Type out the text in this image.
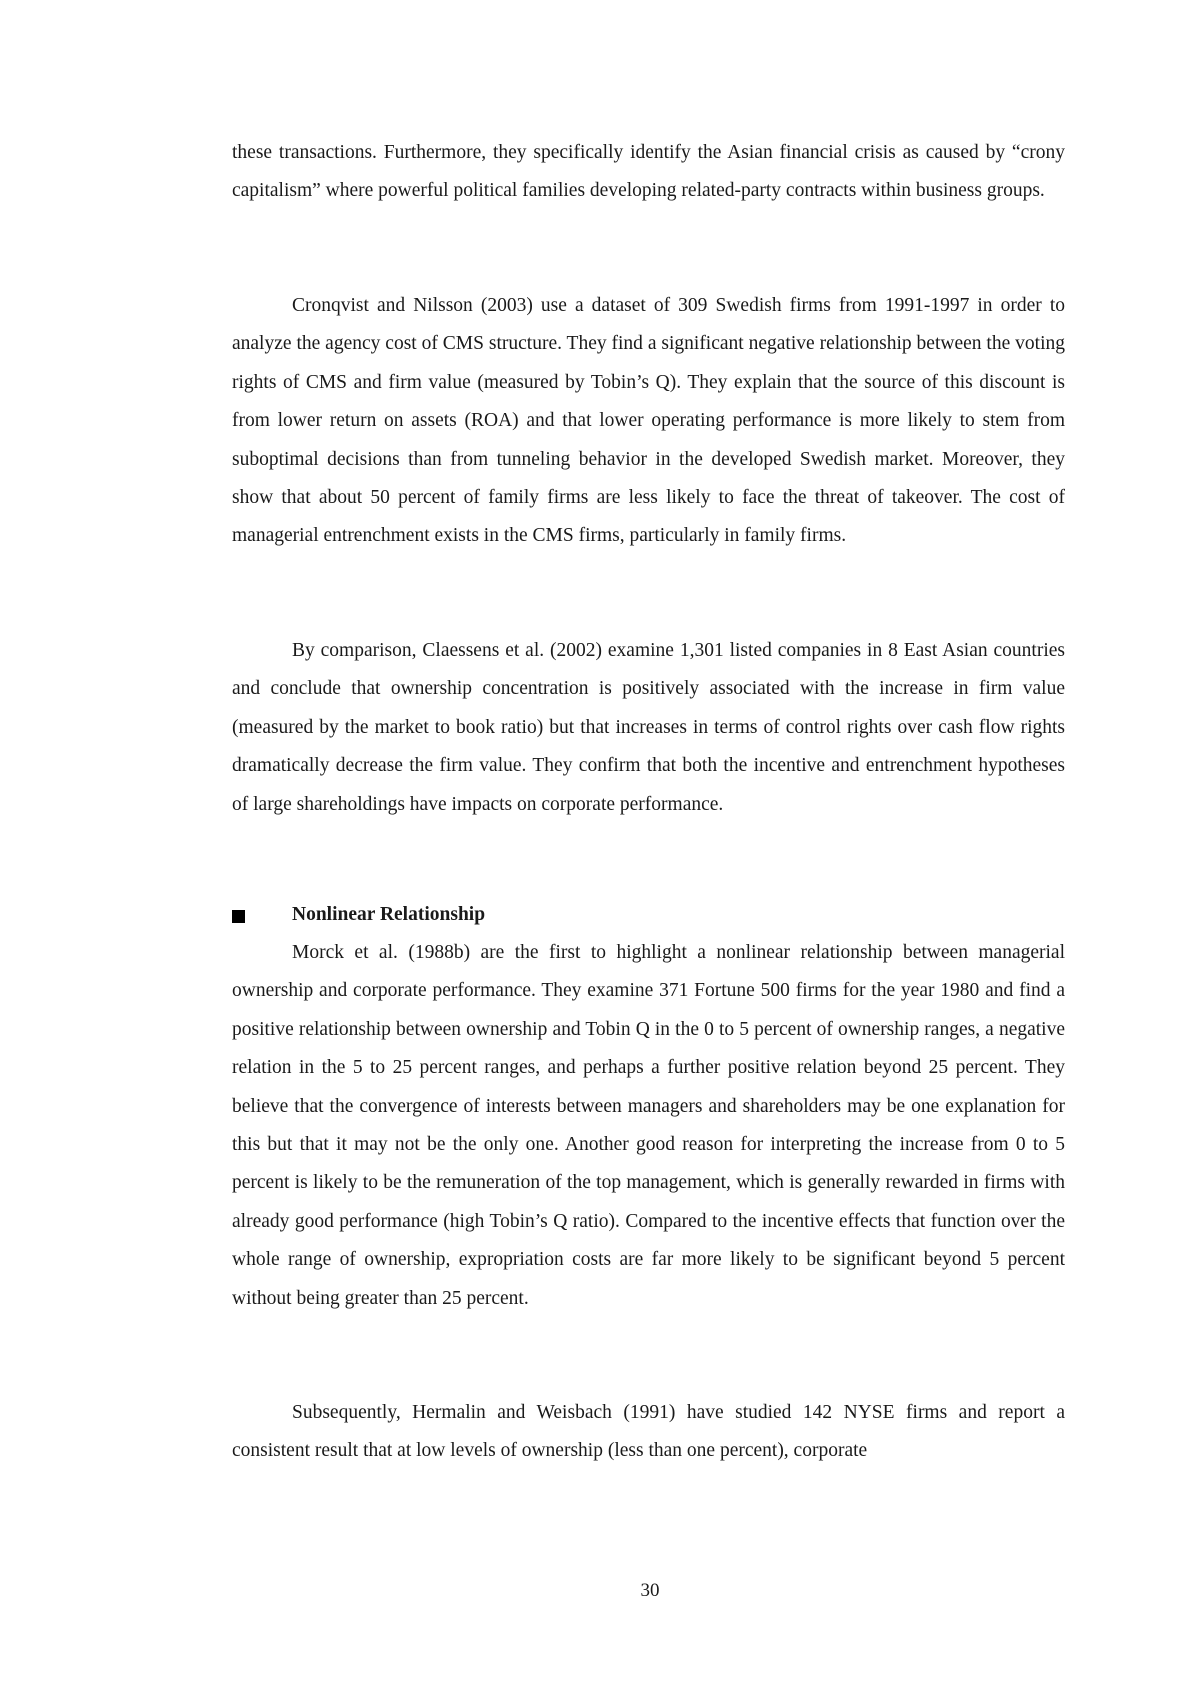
these transactions. Furthermore, they specifically identify the Asian financial crisis as caused by “crony capitalism” where powerful political families developing related-party contracts within business groups.

Cronqvist and Nilsson (2003) use a dataset of 309 Swedish firms from 1991-1997 in order to analyze the agency cost of CMS structure. They find a significant negative relationship between the voting rights of CMS and firm value (measured by Tobin’s Q). They explain that the source of this discount is from lower return on assets (ROA) and that lower operating performance is more likely to stem from suboptimal decisions than from tunneling behavior in the developed Swedish market. Moreover, they show that about 50 percent of family firms are less likely to face the threat of takeover. The cost of managerial entrenchment exists in the CMS firms, particularly in family firms.

By comparison, Claessens et al. (2002) examine 1,301 listed companies in 8 East Asian countries and conclude that ownership concentration is positively associated with the increase in firm value (measured by the market to book ratio) but that increases in terms of control rights over cash flow rights dramatically decrease the firm value. They confirm that both the incentive and entrenchment hypotheses of large shareholdings have impacts on corporate performance.

Nonlinear Relationship

Morck et al. (1988b) are the first to highlight a nonlinear relationship between managerial ownership and corporate performance. They examine 371 Fortune 500 firms for the year 1980 and find a positive relationship between ownership and Tobin Q in the 0 to 5 percent of ownership ranges, a negative relation in the 5 to 25 percent ranges, and perhaps a further positive relation beyond 25 percent. They believe that the convergence of interests between managers and shareholders may be one explanation for this but that it may not be the only one. Another good reason for interpreting the increase from 0 to 5 percent is likely to be the remuneration of the top management, which is generally rewarded in firms with already good performance (high Tobin’s Q ratio). Compared to the incentive effects that function over the whole range of ownership, expropriation costs are far more likely to be significant beyond 5 percent without being greater than 25 percent.

Subsequently, Hermalin and Weisbach (1991) have studied 142 NYSE firms and report a consistent result that at low levels of ownership (less than one percent), corporate

30
